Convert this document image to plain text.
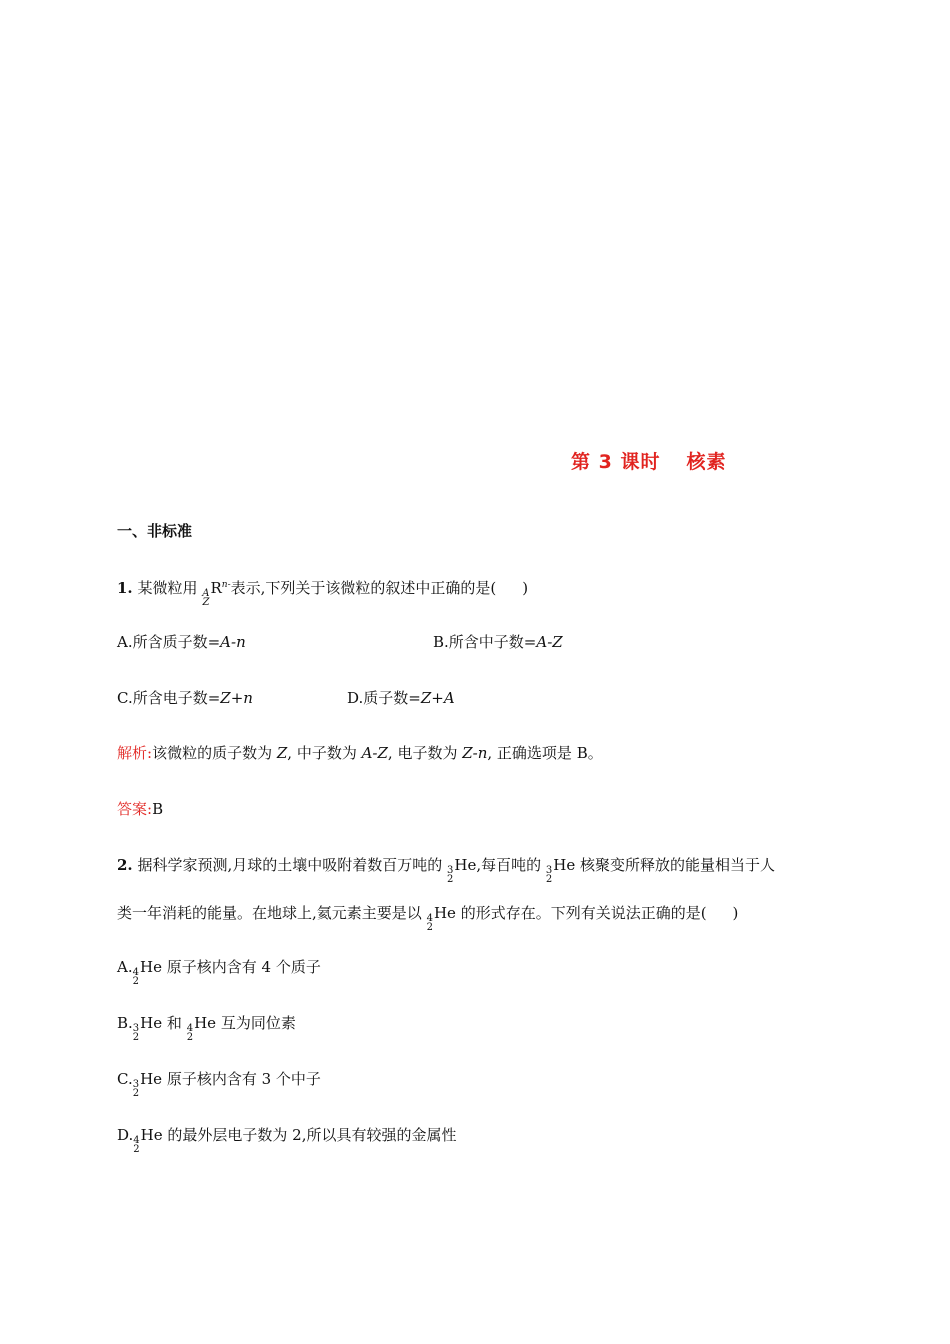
第 3 课时 核素
一、非标准
1. 某微粒用 A
Z
$R^{n-}$表示,下列关于该微粒的叙述中正确的是( )
A.所含质子数=A-n	B.所含中子数=A-Z
C.所含电子数=Z+n	D.质子数=Z+A
解析:该微粒的质子数为 Z, 中子数为 A-Z, 电子数为 Z-n, 正确选项是 B。
答案:B
2. 据科学家预测,月球的土壤中吸附着数百万吨的 3
2
He,每百吨的 3
2
He 核聚变所释放的能量相当于人
类一年消耗的能量。在地球上,氦元素主要是以 4
2
He 的形式存在。下列有关说法正确的是( )
A. 4
2
He 原子核内含有 4 个质子
B. 3
2
He 和 4
2
He 互为同位素
C. 3
2
He 原子核内含有 3 个中子
D. 4
2
He 的最外层电子数为 2,所以具有较强的金属性
